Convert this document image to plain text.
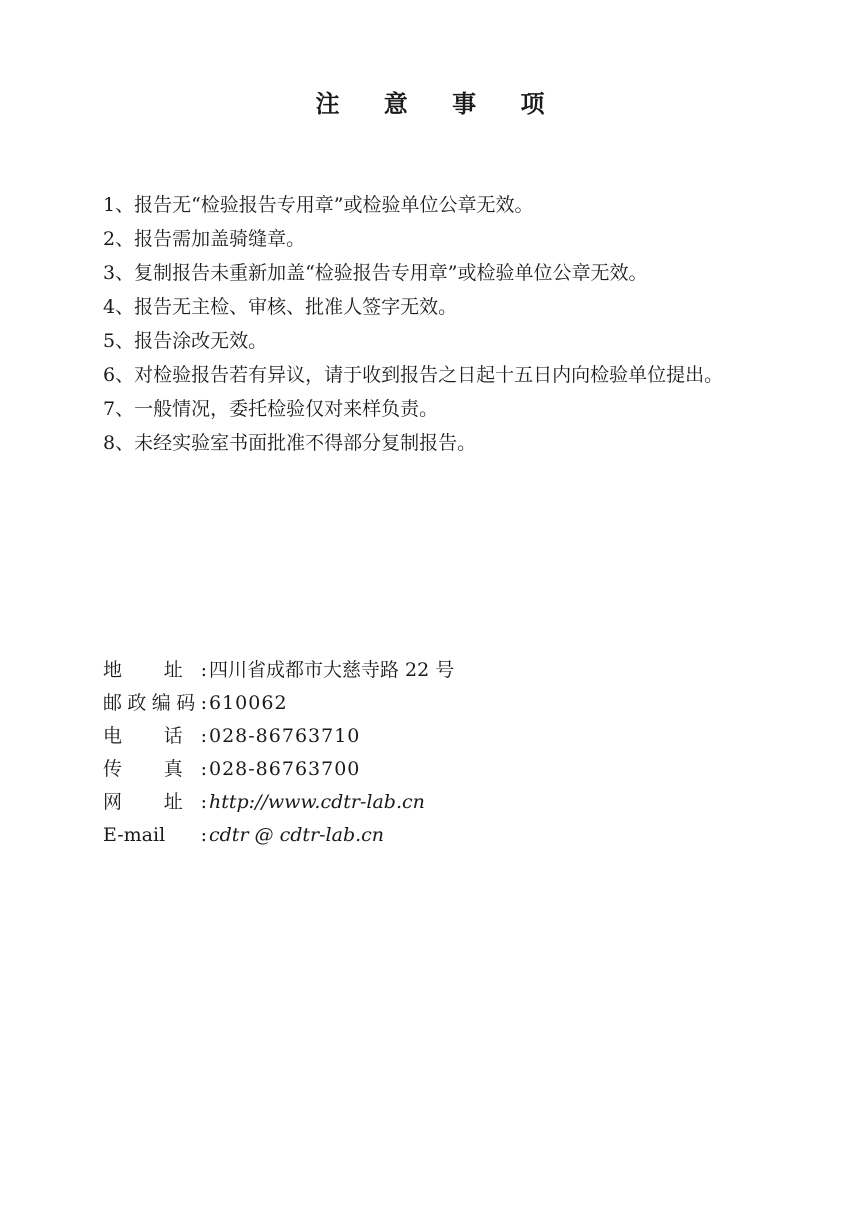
注 意 事 项
1、 报告无“检验报告专用章”或检验单位公章无效。
2、 报告需加盖骑缝章。
3、 复制报告未重新加盖“检验报告专用章”或检验单位公章无效。
4、 报告无主检、审核、批准人签字无效。
5、 报告涂改无效。
6、 对检验报告若有异议，请于收到报告之日起十五日内向检验单位提出。
7、 一般情况，委托检验仅对来样负责。
8、 未经实验室书面批准不得部分复制报告。
地 址: 四川省成都市大慈寺路 22 号
邮政编码: 610062
电 话: 028-86763710
传 真: 028-86763700
网 址: http://www.cdtr-lab.cn
E-mail : cdtr @ cdtr-lab.cn
